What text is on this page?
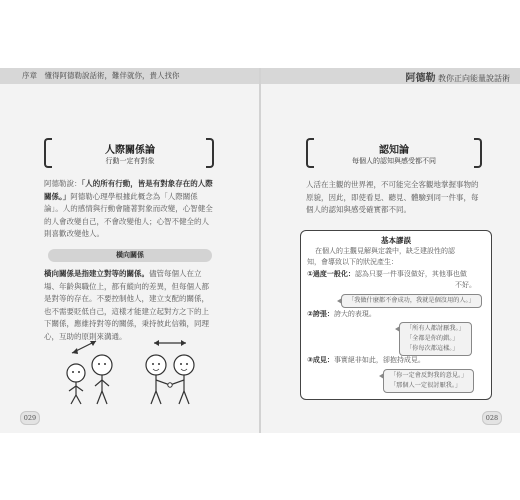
序章　懂得阿德勒說話術，難伴就你，貴人找你
人際關係論
行動一定有對象

阿德勒說：「人的所有行動，皆是有對象存在的人際關係。」阿德勒心理學根據此概念為「人際關係論」。人的感情與行動會隨著對象而改變，心智健全的人會改變自己，不會改變他人；心智不健全的人則喜歡改變他人。

橫向關係

橫向關係是指建立對等的關係。儘管每個人在立場、年齡與職位上，都有縱向的差異，但每個人都是對等的存在。不要控制他人，建立支配的關係，也不需要貶低自己，這樣才能建立起對方之下的上下關係，應維持對等的關係，秉持彼此信賴，同理心，互助的原則來溝通。

029
阿德勒 教你正向能量說話術
認知論
每個人的認知與感受都不同

人活在主觀的世界裡，不可能完全客觀地掌握事物的原貌，因此，即使看見、聽見、體驗到同一件事，每個人的認知與感受確實都不同。

基本謬誤
在個人的主觀見解與定義中，缺乏建設性的認
知，會導致以下的狀況產生：
①過度一般化：認為只要一件事沒做好，其他事也做
不好。
「我做什麼都不會成功，我就是個沒用的人。」
②誇張：誇大的表現。
「所有人都討厭我。」
「全都是你的錯。」
「你每次都這樣。」
③成見：事實絕非如此，卻抱持成見。
「你一定會反對我的意見。」
「那個人一定很討厭我。」
028
